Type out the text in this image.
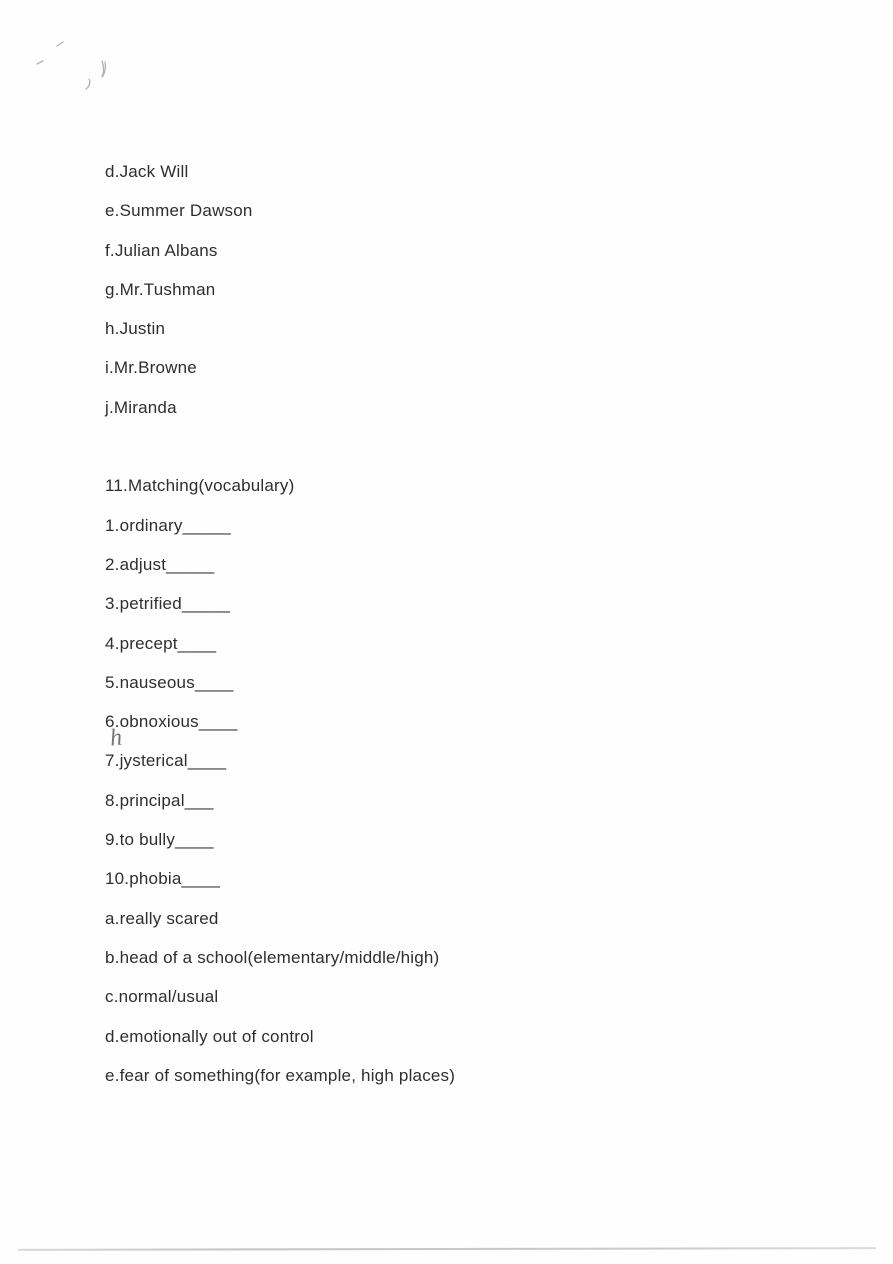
d.Jack Will
e.Summer Dawson
f.Julian Albans
g.Mr.Tushman
h.Justin
i.Mr.Browne
j.Miranda
11.Matching(vocabulary)
1.ordinary_____
2.adjust_____
3.petrified_____
4.precept____
5.nauseous____
6.obnoxious____
7.jysterical____
8.principal___
9.to bully____
10.phobia____
a.really scared
b.head of a school(elementary/middle/high)
c.normal/usual
d.emotionally out of control
e.fear of something(for example, high places)
h
